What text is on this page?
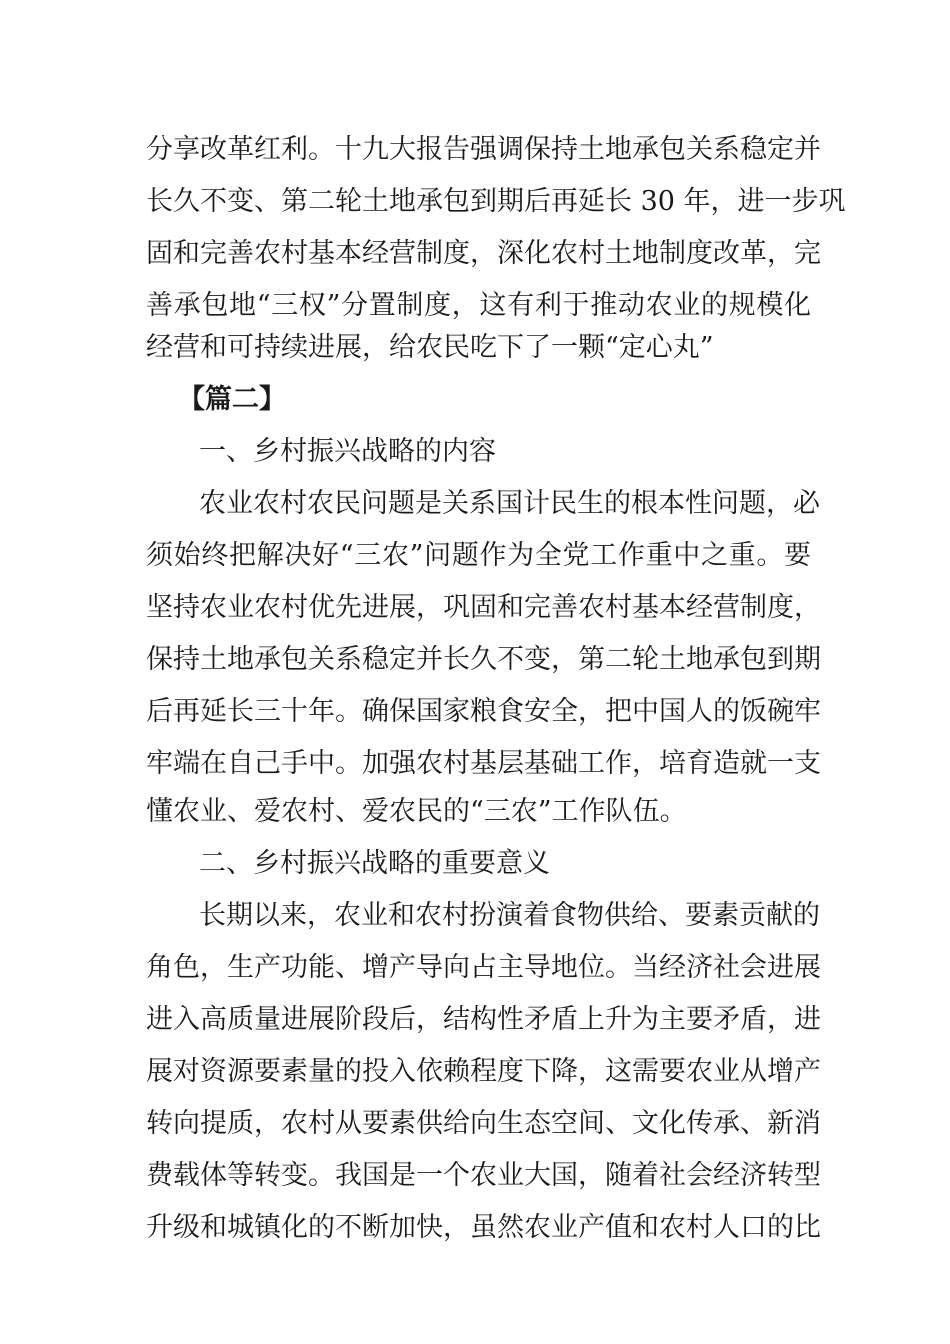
分享改革红利。十九大报告强调保持土地承包关系稳定并
长久不变、第二轮土地承包到期后再延长 30 年，进一步巩
固和完善农村基本经营制度，深化农村土地制度改革，完
善承包地“三权”分置制度，这有利于推动农业的规模化
经营和可持续进展，给农民吃下了一颗“定心丸”
【篇二】
一、乡村振兴战略的内容
农业农村农民问题是关系国计民生的根本性问题，必
须始终把解决好“三农”问题作为全党工作重中之重。要
坚持农业农村优先进展，巩固和完善农村基本经营制度，
保持土地承包关系稳定并长久不变，第二轮土地承包到期
后再延长三十年。确保国家粮食安全，把中国人的饭碗牢
牢端在自己手中。加强农村基层基础工作，培育造就一支
懂农业、爱农村、爱农民的“三农”工作队伍。
二、乡村振兴战略的重要意义
长期以来，农业和农村扮演着食物供给、要素贡献的
角色，生产功能、增产导向占主导地位。当经济社会进展
进入高质量进展阶段后，结构性矛盾上升为主要矛盾，进
展对资源要素量的投入依赖程度下降，这需要农业从增产
转向提质，农村从要素供给向生态空间、文化传承、新消
费载体等转变。我国是一个农业大国，随着社会经济转型
升级和城镇化的不断加快，虽然农业产值和农村人口的比
